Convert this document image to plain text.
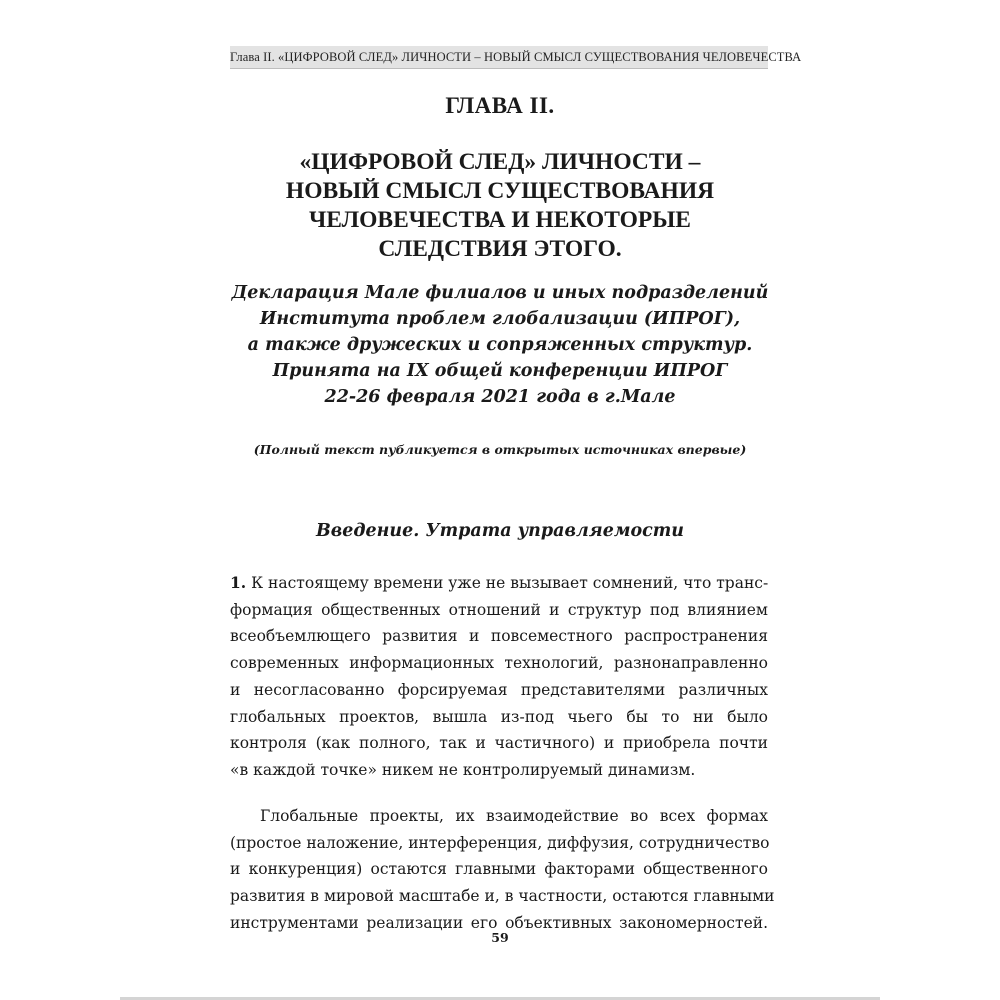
Глава II. «ЦИФРОВОЙ СЛЕД» ЛИЧНОСТИ – НОВЫЙ СМЫСЛ СУЩЕСТВОВАНИЯ ЧЕЛОВЕЧЕСТВА
ГЛАВА II.
«ЦИФРОВОЙ СЛЕД» ЛИЧНОСТИ –
НОВЫЙ СМЫСЛ СУЩЕСТВОВАНИЯ
ЧЕЛОВЕЧЕСТВА И НЕКОТОРЫЕ
СЛЕДСТВИЯ ЭТОГО.
Декларация Мале филиалов и иных подразделений
Института проблем глобализации (ИПРОГ),
а также дружеских и сопряженных структур.
Принята на IX общей конференции ИПРОГ
22-26 февраля 2021 года в г.Мале
(Полный текст публикуется в открытых источниках впервые)
Введение. Утрата управляемости
1. К настоящему времени уже не вызывает сомнений, что транс-
формация общественных отношений и структур под влиянием
всеобъемлющего развития и повсеместного распространения
современных информационных технологий, разнонаправленно
и несогласованно форсируемая представителями различных
глобальных проектов, вышла из-под чьего бы то ни было
контроля (как полного, так и частичного) и приобрела почти
«в каждой точке» никем не контролируемый динамизм.
Глобальные проекты, их взаимодействие во всех формах
(простое наложение, интерференция, диффузия, сотрудничество
и конкуренция) остаются главными факторами общественного
развития в мировой масштабе и, в частности, остаются главными
инструментами реализации его объективных закономерностей.
59
